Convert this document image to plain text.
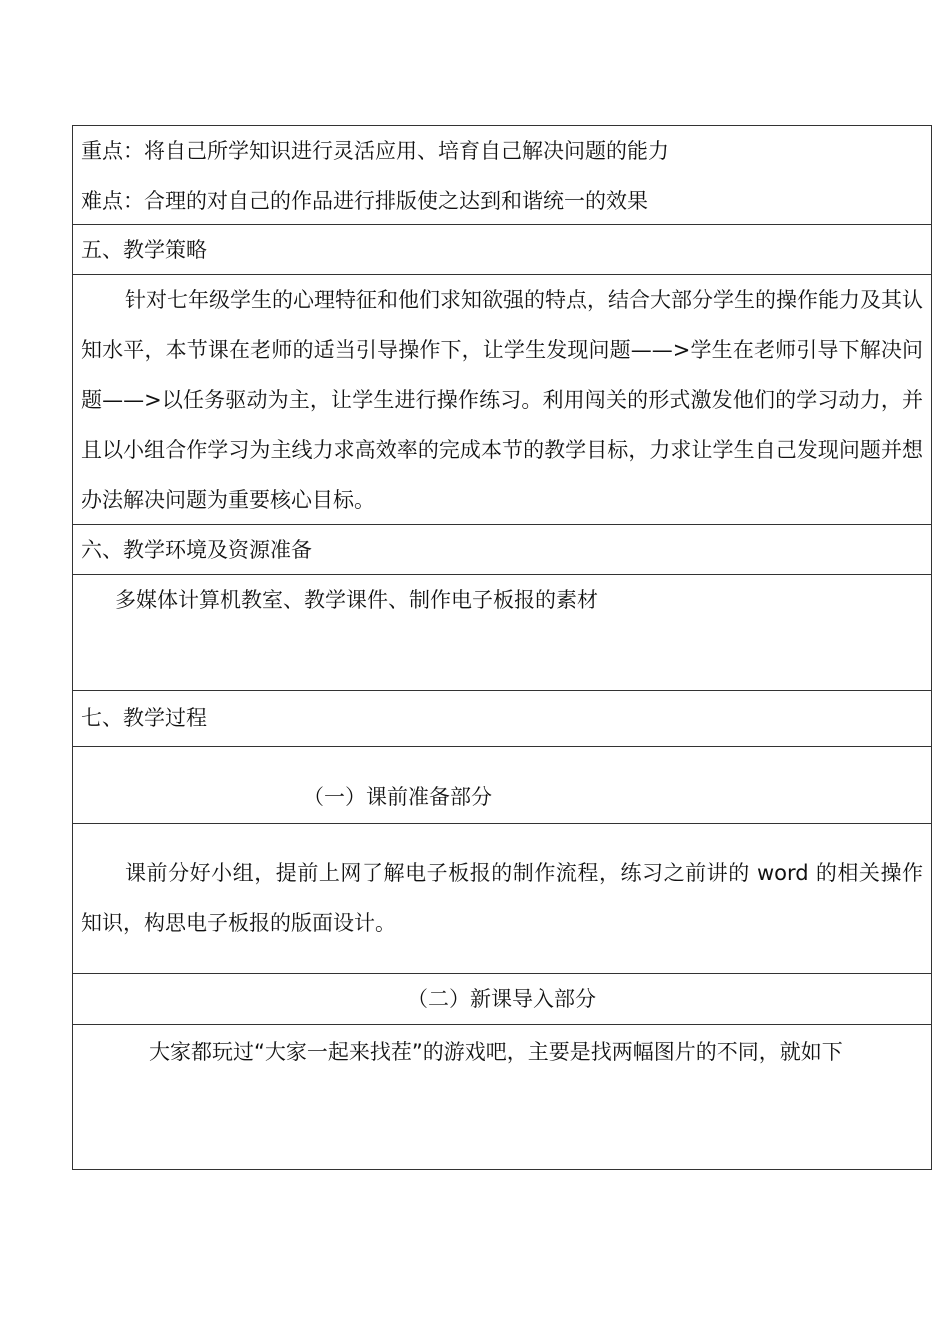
重点：将自己所学知识进行灵活应用、培育自己解决问题的能力
难点：合理的对自己的作品进行排版使之达到和谐统一的效果
五、教学策略
针对七年级学生的心理特征和他们求知欲强的特点，结合大部分学生的操作能力及其认知水平，本节课在老师的适当引导操作下，让学生发现问题——>学生在老师引导下解决问题——>以任务驱动为主，让学生进行操作练习。利用闯关的形式激发他们的学习动力，并且以小组合作学习为主线力求高效率的完成本节的教学目标，力求让学生自己发现问题并想办法解决问题为重要核心目标。
六、教学环境及资源准备
多媒体计算机教室、教学课件、制作电子板报的素材
七、教学过程
（一）课前准备部分
课前分好小组，提前上网了解电子板报的制作流程，练习之前讲的 word 的相关操作知识，构思电子板报的版面设计。
（二）新课导入部分
大家都玩过“大家一起来找茬”的游戏吧，主要是找两幅图片的不同，就如下
